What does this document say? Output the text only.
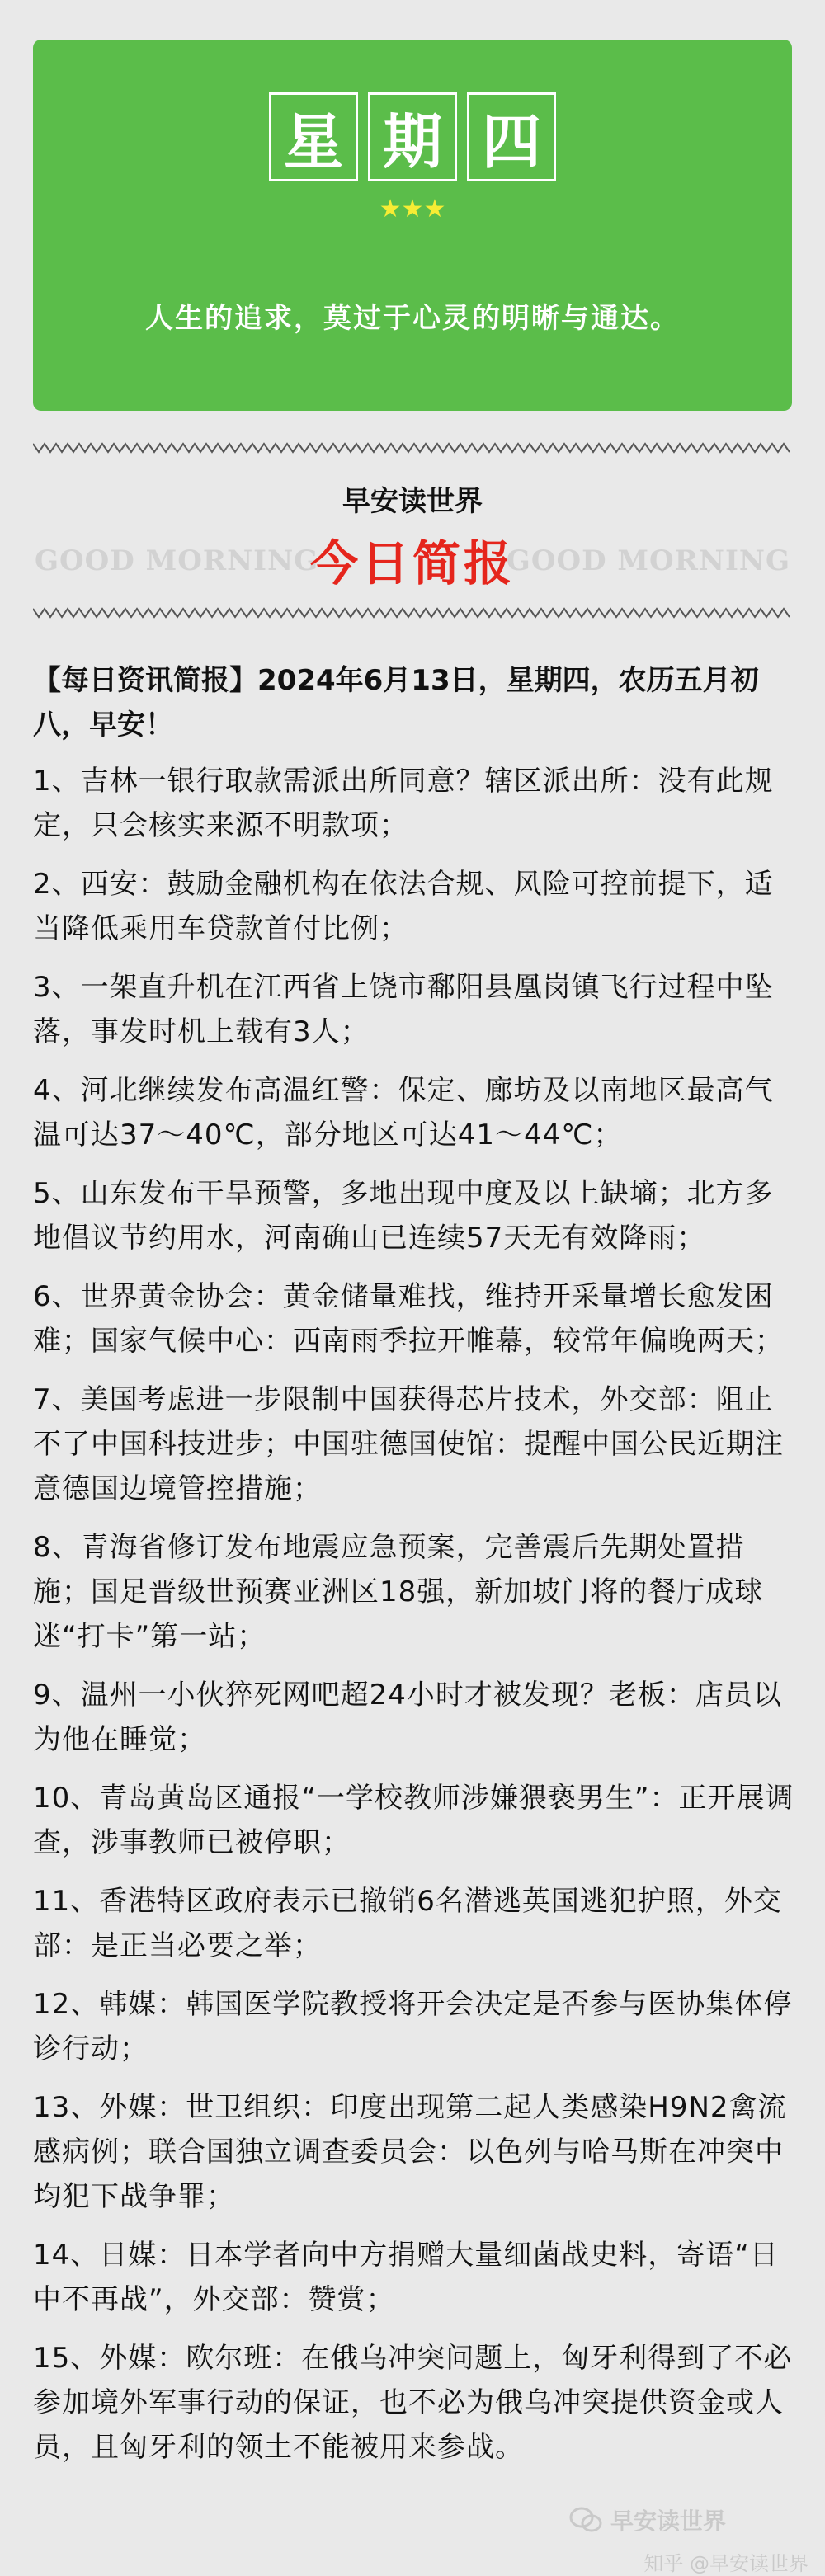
星 期 四
★★★
人生的追求，莫过于心灵的明晰与通达。
早安读世界
GOOD MORNING
今日简报
GOOD MORNING

【每日资讯简报】2024年6月13日，星期四，农历五月初八，早安！

1、吉林一银行取款需派出所同意？辖区派出所：没有此规定，只会核实来源不明款项；

2、西安：鼓励金融机构在依法合规、风险可控前提下，适当降低乘用车贷款首付比例；

3、一架直升机在江西省上饶市鄱阳县凰岗镇飞行过程中坠落，事发时机上载有3人；

4、河北继续发布高温红警：保定、廊坊及以南地区最高气温可达37～40℃，部分地区可达41～44℃；

5、山东发布干旱预警，多地出现中度及以上缺墒；北方多地倡议节约用水，河南确山已连续57天无有效降雨；

6、世界黄金协会：黄金储量难找，维持开采量增长愈发困难；国家气候中心：西南雨季拉开帷幕，较常年偏晚两天；

7、美国考虑进一步限制中国获得芯片技术，外交部：阻止不了中国科技进步；中国驻德国使馆：提醒中国公民近期注意德国边境管控措施；

8、青海省修订发布地震应急预案，完善震后先期处置措施；国足晋级世预赛亚洲区18强，新加坡门将的餐厅成球迷“打卡”第一站；

9、温州一小伙猝死网吧超24小时才被发现？老板：店员以为他在睡觉；

10、青岛黄岛区通报“一学校教师涉嫌猥亵男生”：正开展调查，涉事教师已被停职；

11、香港特区政府表示已撤销6名潜逃英国逃犯护照，外交部：是正当必要之举；

12、韩媒：韩国医学院教授将开会决定是否参与医协集体停诊行动；

13、外媒：世卫组织：印度出现第二起人类感染H9N2禽流感病例；联合国独立调查委员会：以色列与哈马斯在冲突中均犯下战争罪；

14、日媒：日本学者向中方捐赠大量细菌战史料，寄语“日中不再战”，外交部：赞赏；

15、外媒：欧尔班：在俄乌冲突问题上，匈牙利得到了不必参加境外军事行动的保证，也不必为俄乌冲突提供资金或人员，且匈牙利的领土不能被用来参战。

早安读世界
知乎 @早安读世界
